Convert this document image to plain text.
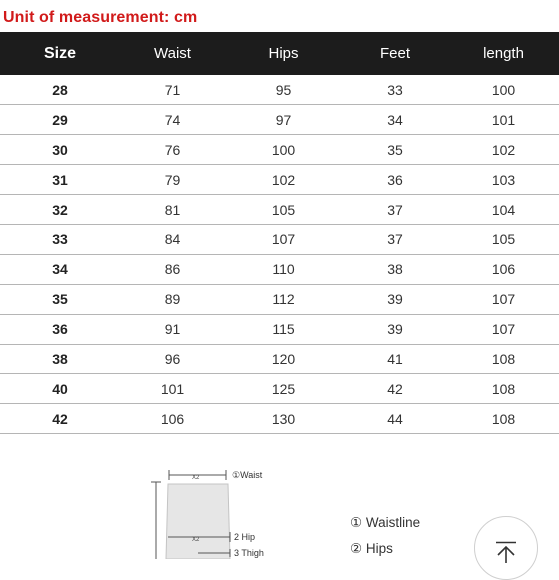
Unit of measurement: cm
Size	Waist	Hips	Feet	length
28	71	95	33	100
29	74	97	34	101
30	76	100	35	102
31	79	102	36	103
32	81	105	37	104
33	84	107	37	105
34	86	110	38	106
35	89	112	39	107
36	91	115	39	107
38	96	120	41	108
40	101	125	42	108
42	106	130	44	108
X2
X2
①Waist
2 Hip
3 Thigh
① Waistline
② Hips
